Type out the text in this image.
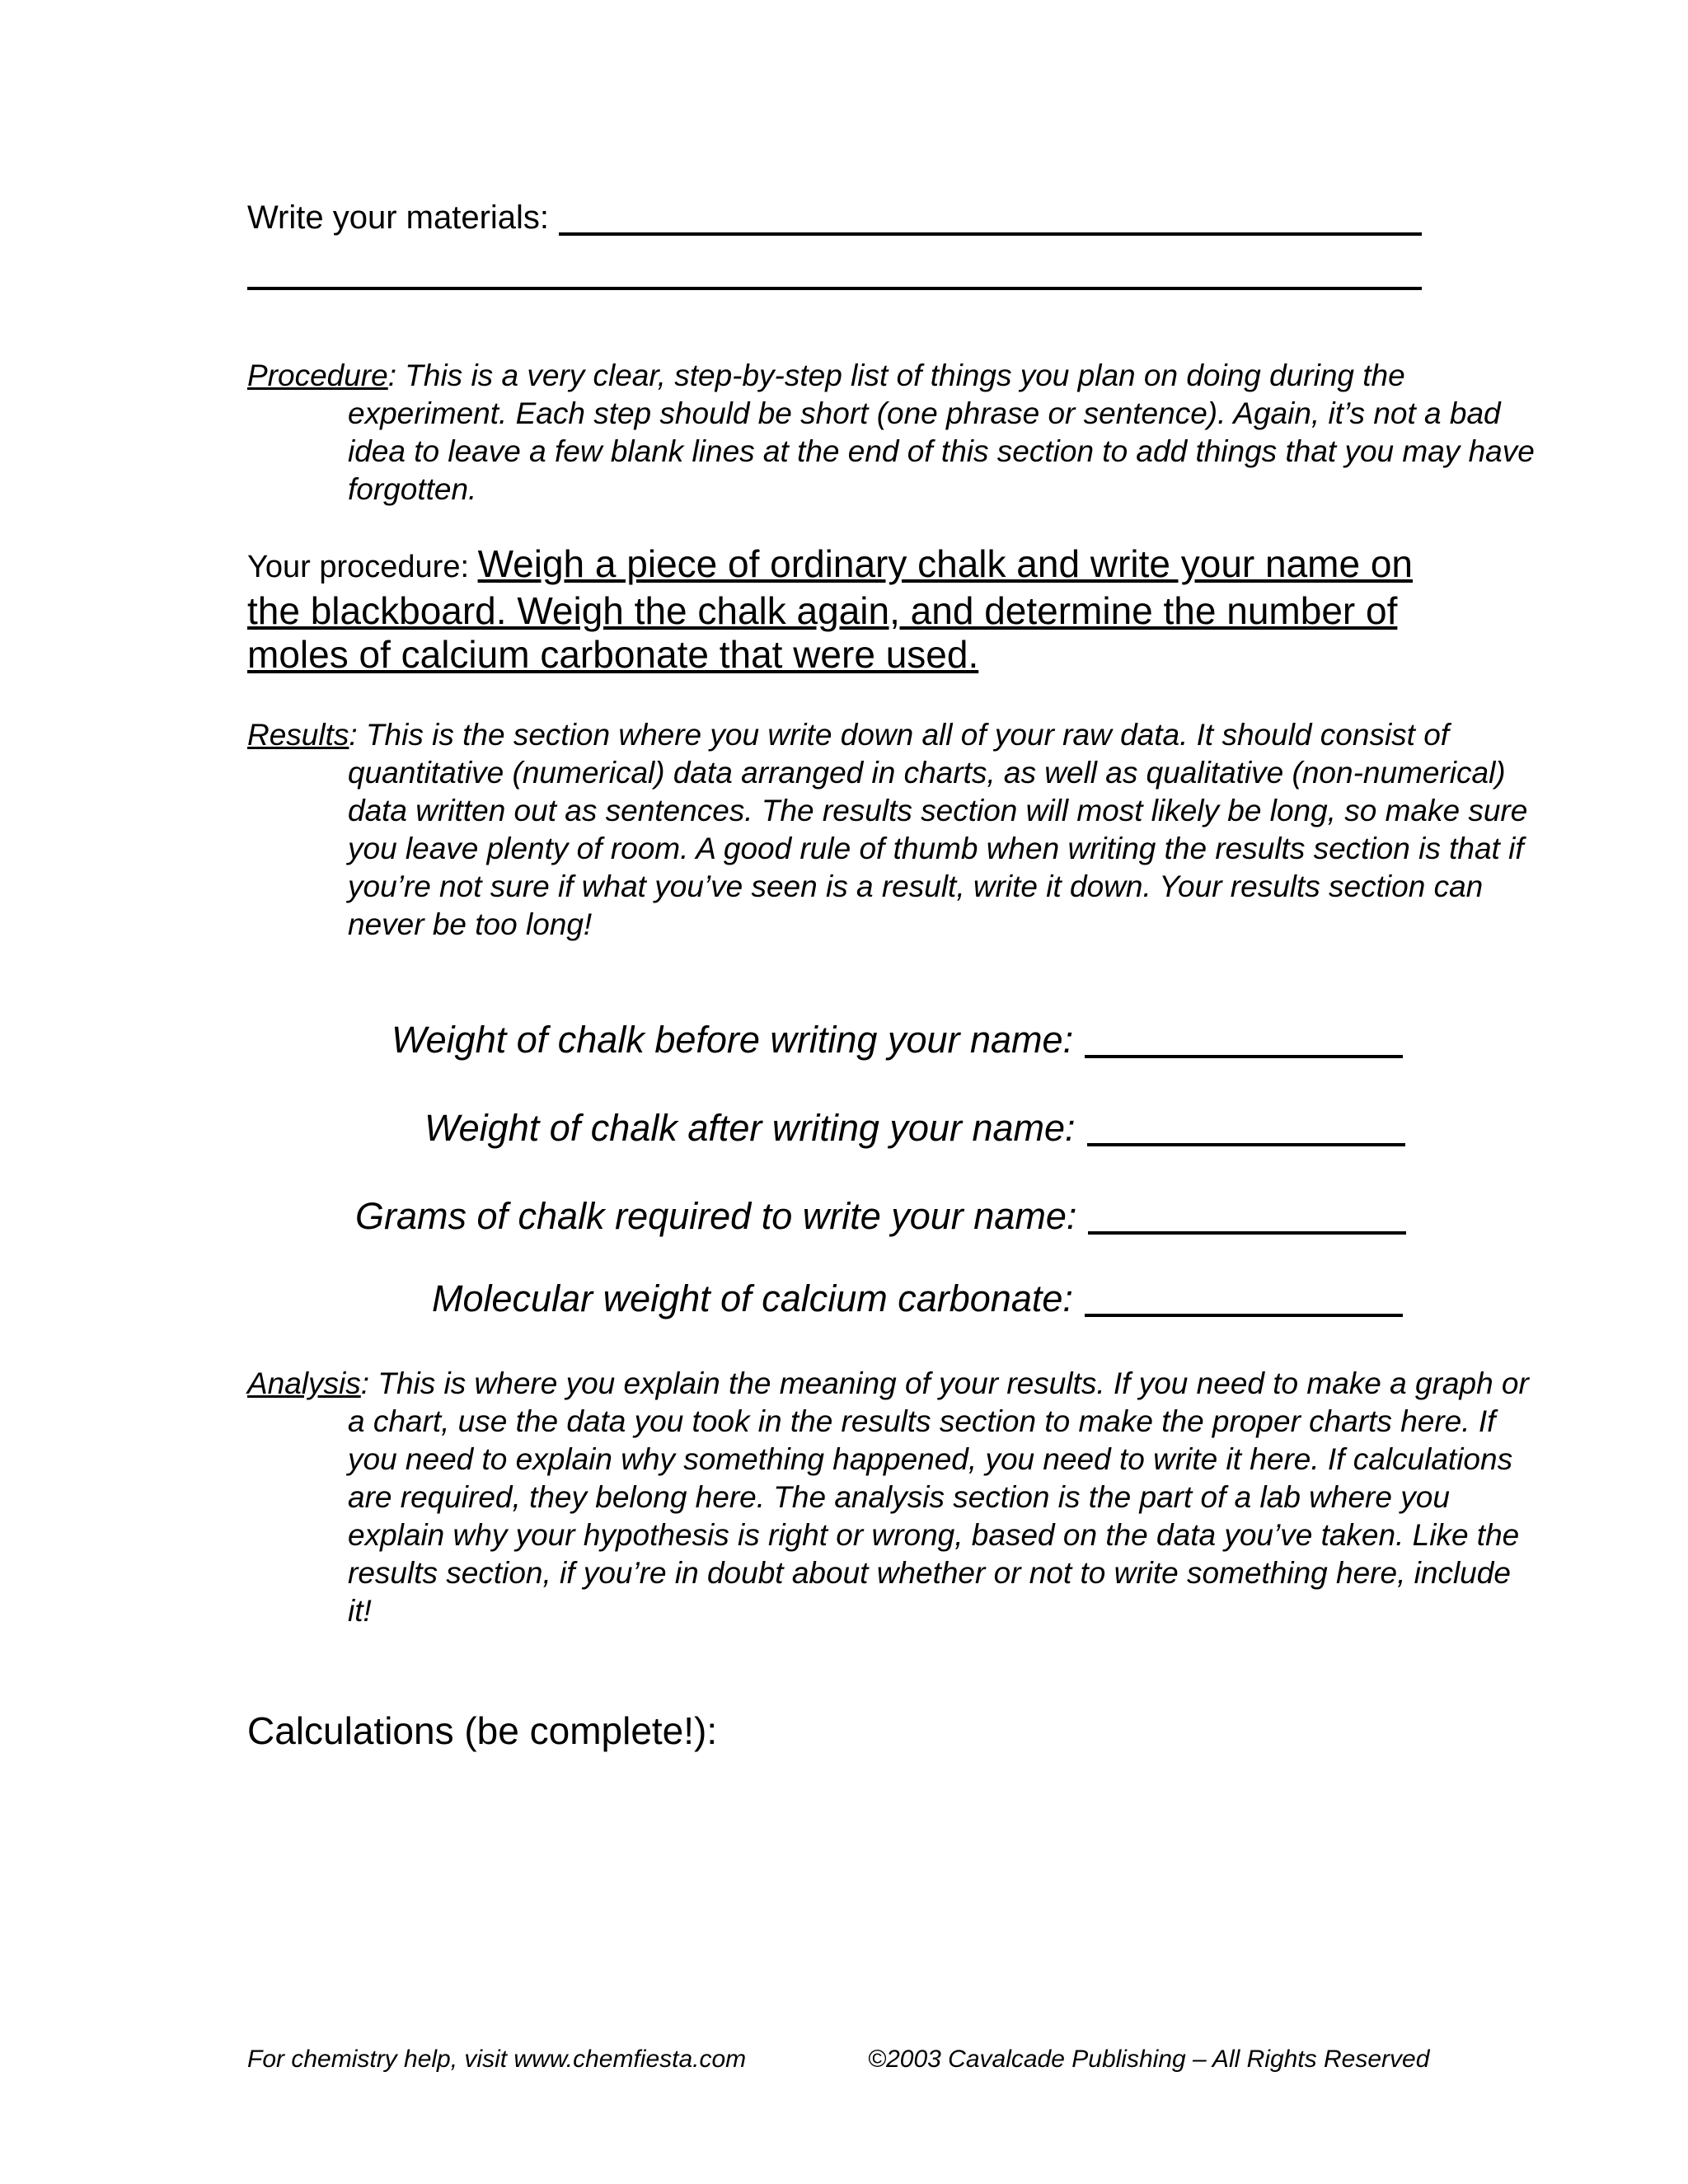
Write your materials:
Procedure: This is a very clear, step-by-step list of things you plan on doing during the experiment. Each step should be short (one phrase or sentence). Again, it’s not a bad idea to leave a few blank lines at the end of this section to add things that you may have forgotten.
Your procedure: Weigh a piece of ordinary chalk and write your name on the blackboard. Weigh the chalk again, and determine the number of moles of calcium carbonate that were used.
Results: This is the section where you write down all of your raw data. It should consist of quantitative (numerical) data arranged in charts, as well as qualitative (non-numerical) data written out as sentences. The results section will most likely be long, so make sure you leave plenty of room. A good rule of thumb when writing the results section is that if you’re not sure if what you’ve seen is a result, write it down. Your results section can never be too long!
Weight of chalk before writing your name:
Weight of chalk after writing your name:
Grams of chalk required to write your name:
Molecular weight of calcium carbonate:
Analysis: This is where you explain the meaning of your results. If you need to make a graph or a chart, use the data you took in the results section to make the proper charts here. If you need to explain why something happened, you need to write it here. If calculations are required, they belong here. The analysis section is the part of a lab where you explain why your hypothesis is right or wrong, based on the data you’ve taken. Like the results section, if you’re in doubt about whether or not to write something here, include it!
Calculations (be complete!):
For chemistry help, visit www.chemfiesta.com	©2003 Cavalcade Publishing – All Rights Reserved
